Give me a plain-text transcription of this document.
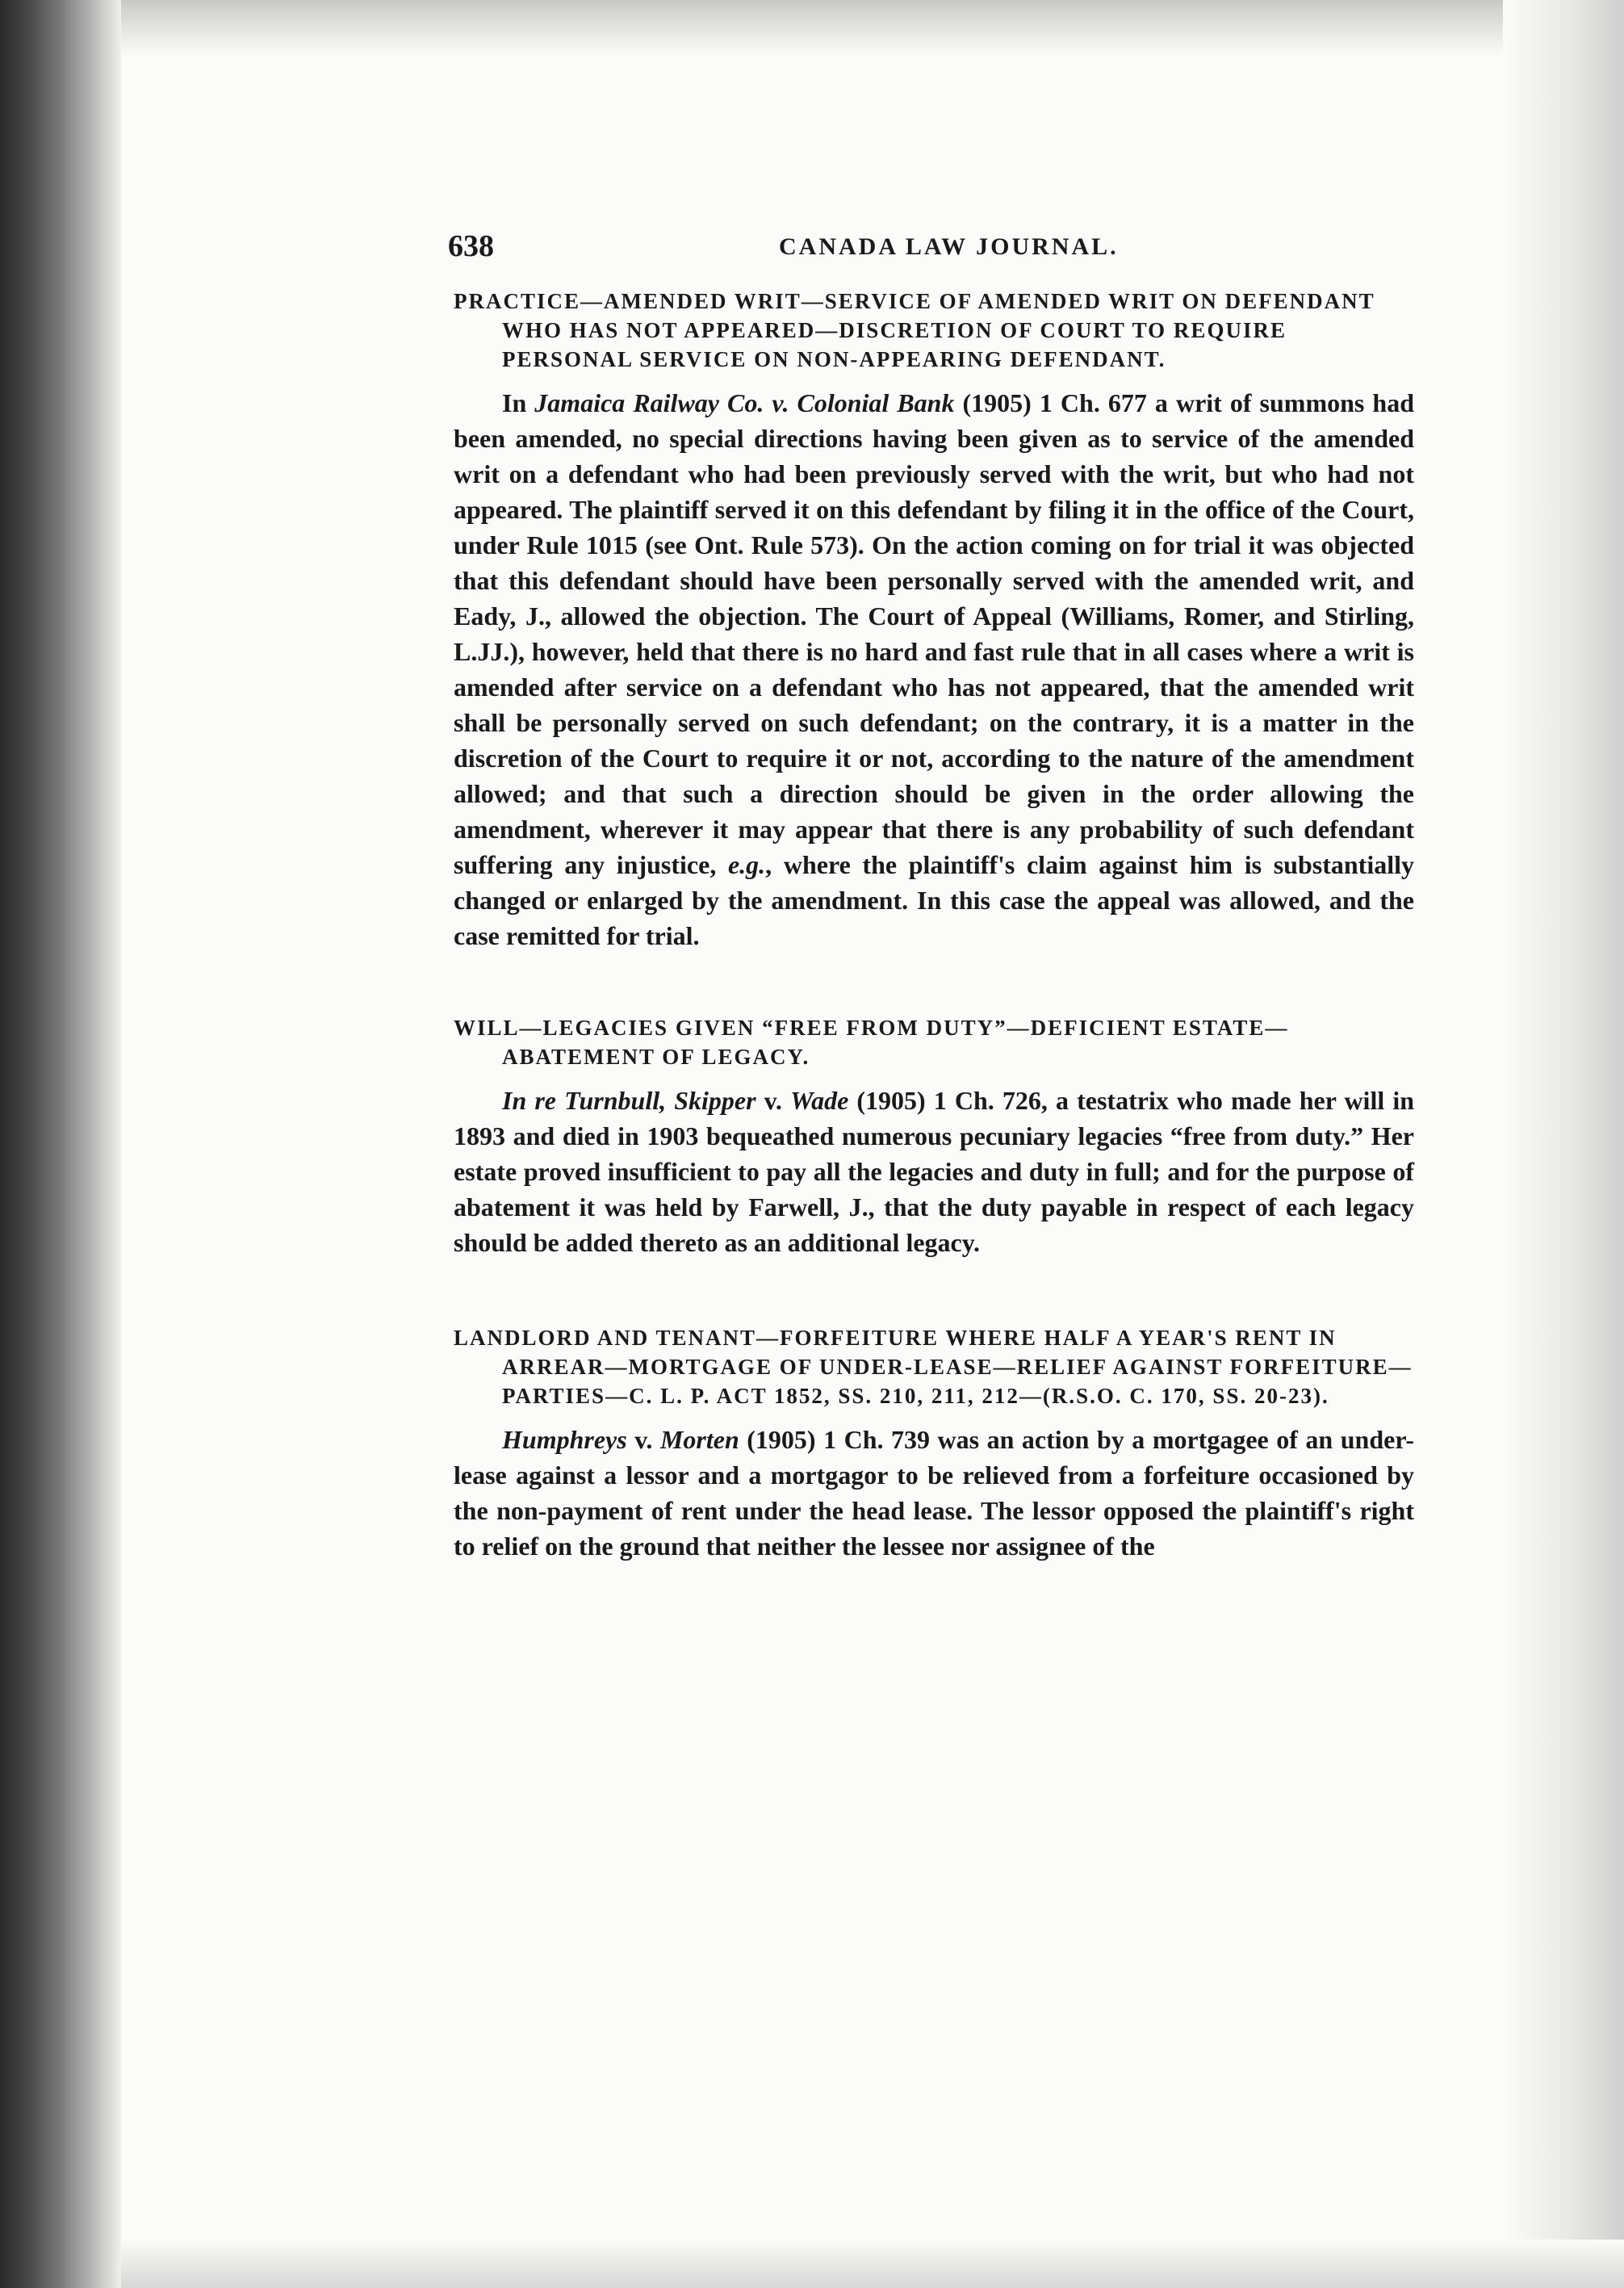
638	CANADA LAW JOURNAL.

PRACTICE—AMENDED WRIT—SERVICE OF AMENDED WRIT ON DEFENDANT WHO HAS NOT APPEARED—DISCRETION OF COURT TO REQUIRE PERSONAL SERVICE ON NON-APPEARING DEFENDANT.

In Jamaica Railway Co. v. Colonial Bank (1905) 1 Ch. 677 a writ of summons had been amended, no special directions having been given as to service of the amended writ on a defendant who had been previously served with the writ, but who had not appeared. The plaintiff served it on this defendant by filing it in the office of the Court, under Rule 1015 (see Ont. Rule 573). On the action coming on for trial it was objected that this defendant should have been personally served with the amended writ, and Eady, J., allowed the objection. The Court of Appeal (Williams, Romer, and Stirling, L.JJ.), however, held that there is no hard and fast rule that in all cases where a writ is amended after service on a defendant who has not appeared, that the amended writ shall be personally served on such defendant; on the contrary, it is a matter in the discretion of the Court to require it or not, according to the nature of the amendment allowed; and that such a direction should be given in the order allowing the amendment, wherever it may appear that there is any probability of such defendant suffering any injustice, e.g., where the plaintiff's claim against him is substantially changed or enlarged by the amendment. In this case the appeal was allowed, and the case remitted for trial.

WILL—LEGACIES GIVEN “FREE FROM DUTY”—DEFICIENT ESTATE—ABATEMENT OF LEGACY.

In re Turnbull, Skipper v. Wade (1905) 1 Ch. 726, a testatrix who made her will in 1893 and died in 1903 bequeathed numerous pecuniary legacies “free from duty.” Her estate proved insufficient to pay all the legacies and duty in full; and for the purpose of abatement it was held by Farwell, J., that the duty payable in respect of each legacy should be added thereto as an additional legacy.

LANDLORD AND TENANT—FORFEITURE WHERE HALF A YEAR'S RENT IN ARREAR—MORTGAGE OF UNDER-LEASE—RELIEF AGAINST FORFEITURE—PARTIES—C. L. P. ACT 1852, SS. 210, 211, 212—(R.S.O. C. 170, SS. 20-23).

Humphreys v. Morten (1905) 1 Ch. 739 was an action by a mortgagee of an under-lease against a lessor and a mortgagor to be relieved from a forfeiture occasioned by the non-payment of rent under the head lease. The lessor opposed the plaintiff's right to relief on the ground that neither the lessee nor assignee of the
